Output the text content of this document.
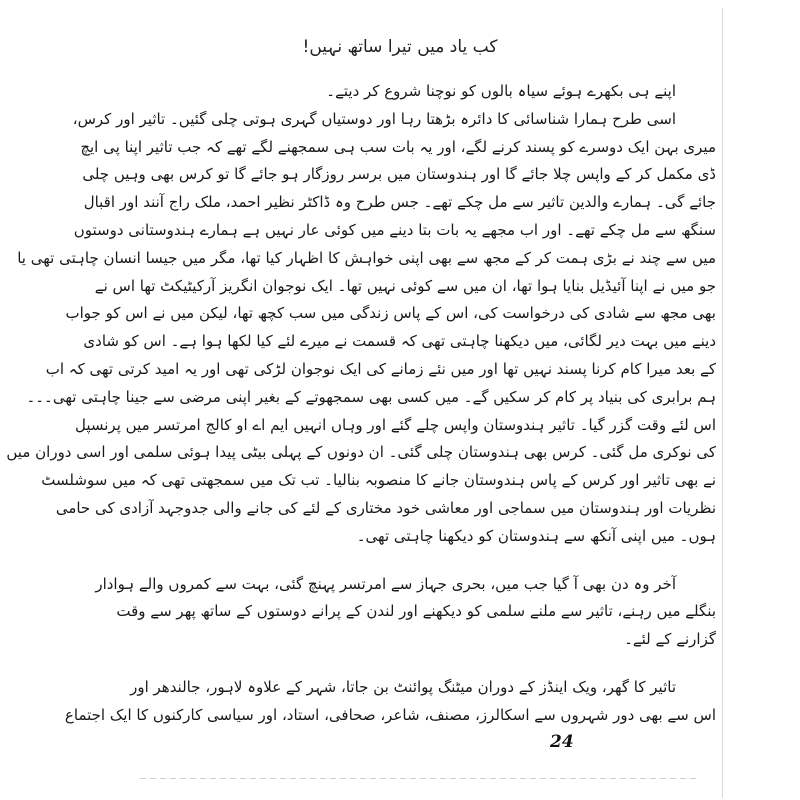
کب یاد میں تیرا ساتھ نہیں!
اپنے ہی بکھرے ہوئے سیاہ بالوں کو نوچنا شروع کر دیتے۔
اسی طرح ہمارا شناسائی کا دائرہ بڑھتا رہا اور دوستیاں گہری ہوتی چلی گئیں۔ تاثیر اور کرس،
میری بہن ایک دوسرے کو پسند کرنے لگے، اور یہ بات سب ہی سمجھنے لگے تھے کہ جب تاثیر اپنا پی ایچ
ڈی مکمل کر کے واپس چلا جائے گا اور ہندوستان میں برسر روزگار ہو جائے گا تو کرس بھی وہیں چلی
جائے گی۔ ہمارے والدین تاثیر سے مل چکے تھے۔ جس طرح وہ ڈاکٹر نظیر احمد، ملک راج آنند اور اقبال
سنگھ سے مل چکے تھے۔ اور اب مجھے یہ بات بتا دینے میں کوئی عار نہیں ہے ہمارے ہندوستانی دوستوں
میں سے چند نے بڑی ہمت کر کے مجھ سے بھی اپنی خواہش کا اظہار کیا تھا، مگر میں جیسا انسان چاہتی تھی یا
جو میں نے اپنا آئیڈیل بنایا ہوا تھا، ان میں سے کوئی نہیں تھا۔ ایک نوجوان انگریز آرکیٹیکٹ تھا اس نے
بھی مجھ سے شادی کی درخواست کی، اس کے پاس زندگی میں سب کچھ تھا، لیکن میں نے اس کو جواب
دینے میں بہت دیر لگائی، میں دیکھنا چاہتی تھی کہ قسمت نے میرے لئے کیا لکھا ہوا ہے۔ اس کو شادی
کے بعد میرا کام کرنا پسند نہیں تھا اور میں نئے زمانے کی ایک نوجوان لڑکی تھی اور یہ امید کرتی تھی کہ اب
ہم برابری کی بنیاد پر کام کر سکیں گے۔ میں کسی بھی سمجھوتے کے بغیر اپنی مرضی سے جینا چاہتی تھی۔۔۔
اس لئے وقت گزر گیا۔ تاثیر ہندوستان واپس چلے گئے اور وہاں انہیں ایم اے او کالج امرتسر میں پرنسپل
کی نوکری مل گئی۔ کرس بھی ہندوستان چلی گئی۔ ان دونوں کے پہلی بیٹی پیدا ہوئی سلمی اور اسی دوران میں
نے بھی تاثیر اور کرس کے پاس ہندوستان جانے کا منصوبہ بنالیا۔ تب تک میں سمجھتی تھی کہ میں سوشلسٹ
نظریات اور ہندوستان میں سماجی اور معاشی خود مختاری کے لئے کی جانے والی جدوجہد آزادی کی حامی
ہوں۔ میں اپنی آنکھ سے ہندوستان کو دیکھنا چاہتی تھی۔
آخر وہ دن بھی آ گیا جب میں، بحری جہاز سے امرتسر پہنچ گئی، بہت سے کمروں والے ہوادار
بنگلے میں رہنے، تاثیر سے ملنے سلمی کو دیکھنے اور لندن کے پرانے دوستوں کے ساتھ پھر سے وقت
گزارنے کے لئے۔
تاثیر کا گھر، ویک اینڈز کے دوران میٹنگ پوائنٹ بن جاتا، شہر کے علاوہ لاہور، جالندھر اور
اس سے بھی دور شہروں سے اسکالرز، مصنف، شاعر، صحافی، استاد، اور سیاسی کارکنوں کا ایک اجتماع
24
